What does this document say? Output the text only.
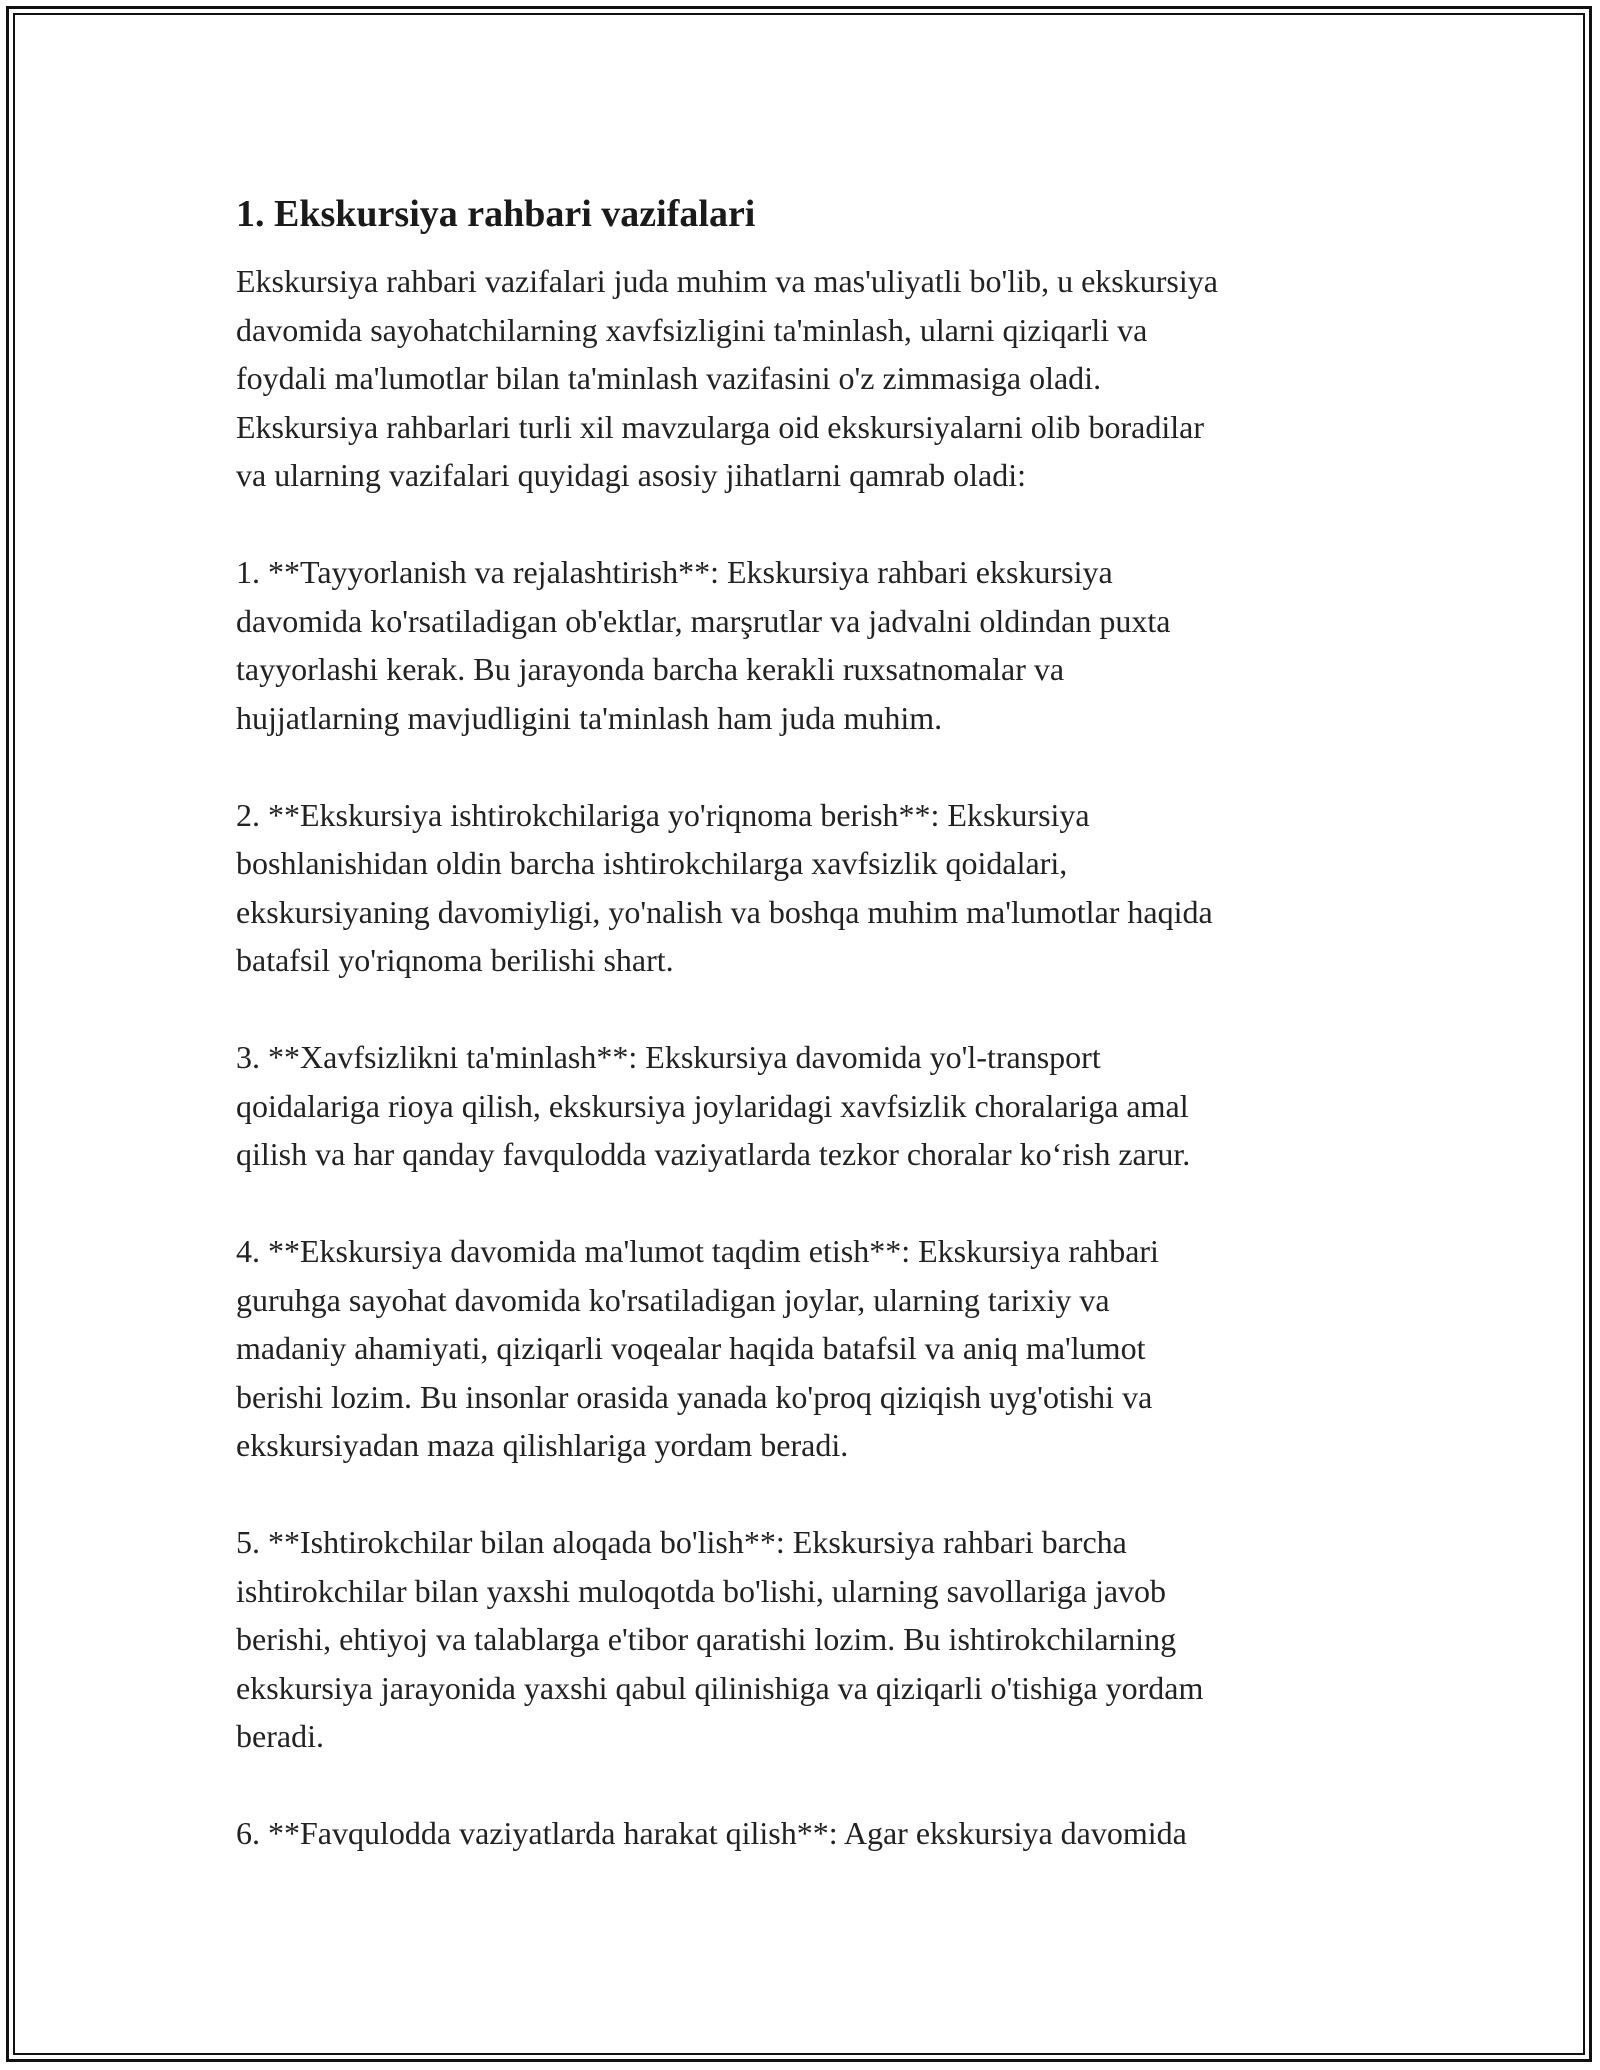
1. Ekskursiya rahbari vazifalari

Ekskursiya rahbari vazifalari juda muhim va mas'uliyatli bo'lib, u ekskursiya
davomida sayohatchilarning xavfsizligini ta'minlash, ularni qiziqarli va
foydali ma'lumotlar bilan ta'minlash vazifasini o'z zimmasiga oladi.
Ekskursiya rahbarlari turli xil mavzularga oid ekskursiyalarni olib boradilar
va ularning vazifalari quyidagi asosiy jihatlarni qamrab oladi:

1. **Tayyorlanish va rejalashtirish**: Ekskursiya rahbari ekskursiya
davomida ko'rsatiladigan ob'ektlar, marşrutlar va jadvalni oldindan puxta
tayyorlashi kerak. Bu jarayonda barcha kerakli ruxsatnomalar va
hujjatlarning mavjudligini ta'minlash ham juda muhim.

2. **Ekskursiya ishtirokchilariga yo'riqnoma berish**: Ekskursiya
boshlanishidan oldin barcha ishtirokchilarga xavfsizlik qoidalari,
ekskursiyaning davomiyligi, yo'nalish va boshqa muhim ma'lumotlar haqida
batafsil yo'riqnoma berilishi shart.

3. **Xavfsizlikni ta'minlash**: Ekskursiya davomida yo'l-transport
qoidalariga rioya qilish, ekskursiya joylaridagi xavfsizlik choralariga amal
qilish va har qanday favqulodda vaziyatlarda tezkor choralar ko‘rish zarur.

4. **Ekskursiya davomida ma'lumot taqdim etish**: Ekskursiya rahbari
guruhga sayohat davomida ko'rsatiladigan joylar, ularning tarixiy va
madaniy ahamiyati, qiziqarli voqealar haqida batafsil va aniq ma'lumot
berishi lozim. Bu insonlar orasida yanada ko'proq qiziqish uyg'otishi va
ekskursiyadan maza qilishlariga yordam beradi.

5. **Ishtirokchilar bilan aloqada bo'lish**: Ekskursiya rahbari barcha
ishtirokchilar bilan yaxshi muloqotda bo'lishi, ularning savollariga javob
berishi, ehtiyoj va talablarga e'tibor qaratishi lozim. Bu ishtirokchilarning
ekskursiya jarayonida yaxshi qabul qilinishiga va qiziqarli o'tishiga yordam
beradi.

6. **Favqulodda vaziyatlarda harakat qilish**: Agar ekskursiya davomida
